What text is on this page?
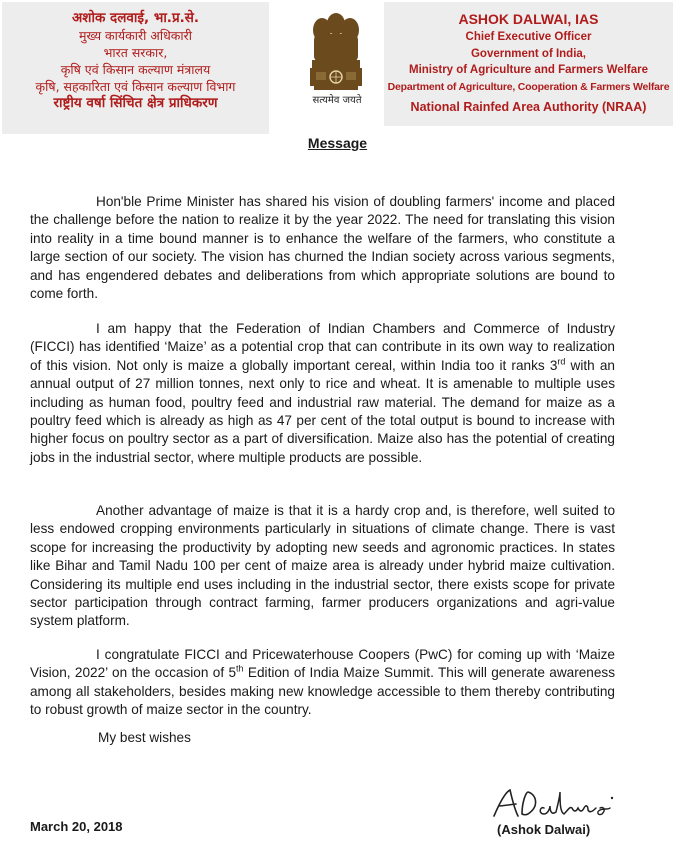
अशोक दलवाई, भा.प्र.से.
मुख्य कार्यकारी अधिकारी
भारत सरकार,
कृषि एवं किसान कल्याण मंत्रालय
कृषि, सहकारिता एवं किसान कल्याण विभाग
राष्ट्रीय वर्षा सिंचित क्षेत्र प्राधिकरण	सत्यमेव जयते
ASHOK DALWAI, IAS
Chief Executive Officer
Government of India,
Ministry of Agriculture and Farmers Welfare
Department of Agriculture, Cooperation & Farmers Welfare
National Rainfed Area Authority (NRAA)
Message

Hon'ble Prime Minister has shared his vision of doubling farmers' income and placed the challenge before the nation to realize it by the year 2022. The need for translating this vision into reality in a time bound manner is to enhance the welfare of the farmers, who constitute a large section of our society. The vision has churned the Indian society across various segments, and has engendered debates and deliberations from which appropriate solutions are bound to come forth.

I am happy that the Federation of Indian Chambers and Commerce of Industry (FICCI) has identified ‘Maize’ as a potential crop that can contribute in its own way to realization of this vision. Not only is maize a globally important cereal, within India too it ranks 3rd with an annual output of 27 million tonnes, next only to rice and wheat. It is amenable to multiple uses including as human food, poultry feed and industrial raw material. The demand for maize as a poultry feed which is already as high as 47 per cent of the total output is bound to increase with higher focus on poultry sector as a part of diversification. Maize also has the potential of creating jobs in the industrial sector, where multiple products are possible.

Another advantage of maize is that it is a hardy crop and, is therefore, well suited to less endowed cropping environments particularly in situations of climate change. There is vast scope for increasing the productivity by adopting new seeds and agronomic practices. In states like Bihar and Tamil Nadu 100 per cent of maize area is already under hybrid maize cultivation. Considering its multiple end uses including in the industrial sector, there exists scope for private sector participation through contract farming, farmer producers organizations and agri-value system platform.

I congratulate FICCI and Pricewaterhouse Coopers (PwC) for coming up with ‘Maize Vision, 2022’ on the occasion of 5th Edition of India Maize Summit. This will generate awareness among all stakeholders, besides making new knowledge accessible to them thereby contributing to robust growth of maize sector in the country.

My best wishes
March 20, 2018	(Ashok Dalwai)
